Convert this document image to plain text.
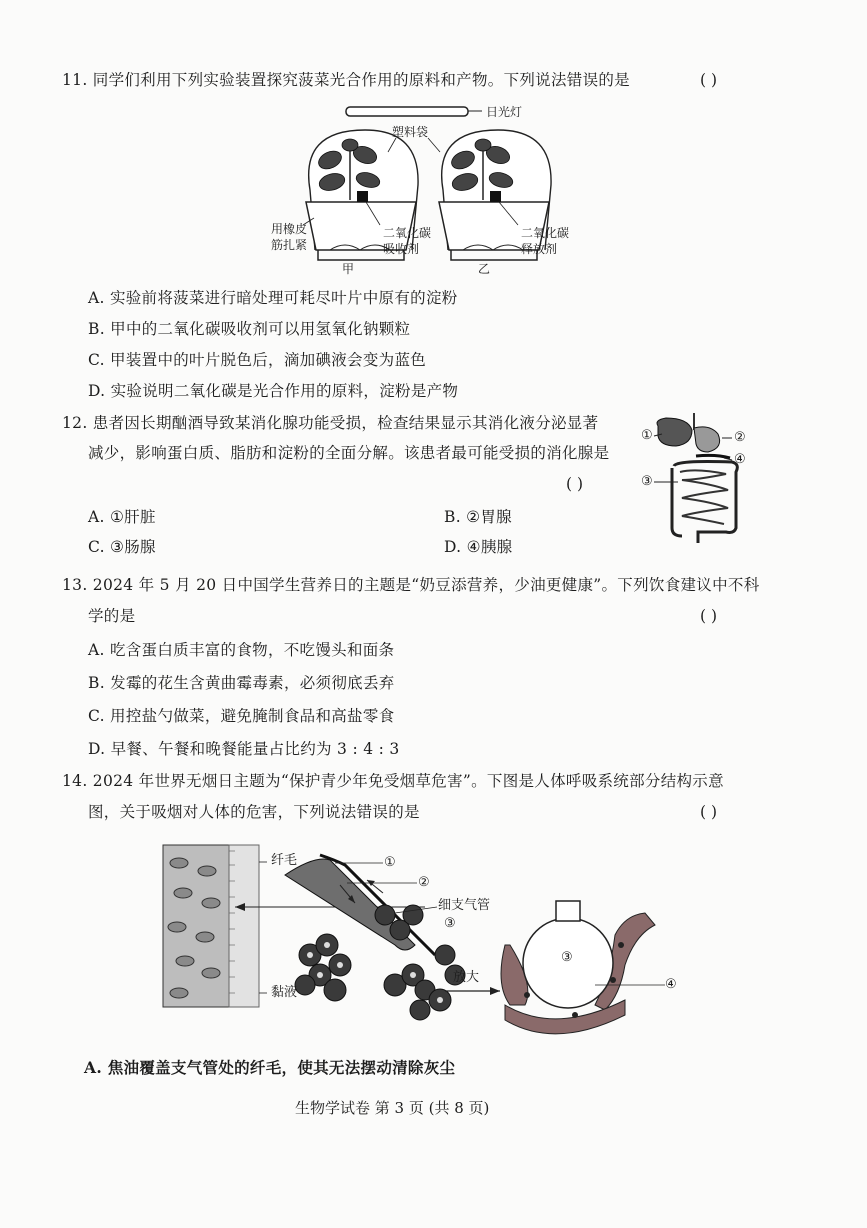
11. 同学们利用下列实验装置探究菠菜光合作用的原料和产物。下列说法错误的是	( )
日光灯
塑料袋
用橡皮
筋扎紧
二氧化碳
吸收剂
二氧化碳
释放剂
甲	乙
A. 实验前将菠菜进行暗处理可耗尽叶片中原有的淀粉
B. 甲中的二氧化碳吸收剂可以用氢氧化钠颗粒
C. 甲装置中的叶片脱色后，滴加碘液会变为蓝色
D. 实验说明二氧化碳是光合作用的原料，淀粉是产物
12. 患者因长期酗酒导致某消化腺功能受损，检查结果显示其消化液分泌显著
减少，影响蛋白质、脂肪和淀粉的全面分解。该患者最可能受损的消化腺是
( )
A. ①肝脏	B. ②胃腺
C. ③肠腺	D. ④胰腺
①	②
④
③
13. 2024 年 5 月 20 日中国学生营养日的主题是“奶豆添营养，少油更健康”。下列饮食建议中不科
学的是	( )
A. 吃含蛋白质丰富的食物，不吃馒头和面条
B. 发霉的花生含黄曲霉毒素，必须彻底丢弃
C. 用控盐勺做菜，避免腌制食品和高盐零食
D. 早餐、午餐和晚餐能量占比约为 3 : 4 : 3
14. 2024 年世界无烟日主题为“保护青少年免受烟草危害”。下图是人体呼吸系统部分结构示意
图，关于吸烟对人体的危害，下列说法错误的是	( )
纤毛
黏液
①
②
细支气管
③
放大
③
④
A. 焦油覆盖支气管处的纤毛，使其无法摆动清除灰尘
生物学试卷 第 3 页 (共 8 页)
